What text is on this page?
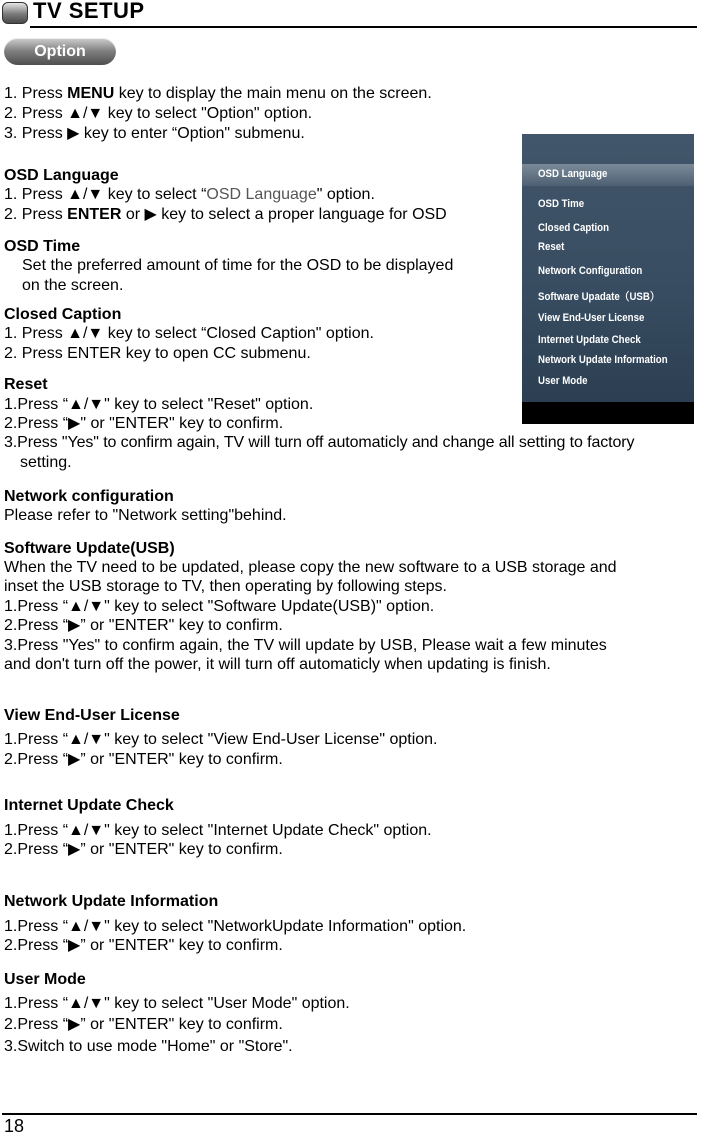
TV SETUP
Option
1. Press MENU key to display the main menu on the screen.
2. Press ▲/▼ key to select "Option" option.
3. Press ▶ key to enter “Option" submenu.
OSD Language
1. Press ▲/▼ key to select “OSD Language" option.
2. Press ENTER or ▶ key to select a proper language for OSD
OSD Time
Set the preferred amount of time for the OSD to be displayed
on the screen.
Closed Caption
1. Press ▲/▼ key to select “Closed Caption" option.
2. Press ENTER key to open CC submenu.
Reset
1.Press “▲/▼" key to select "Reset" option.
2.Press “▶" or "ENTER" key to confirm.
3.Press "Yes" to confirm again, TV will turn off automaticly and change all setting to factory
setting.
Network configuration
Please refer to "Network setting"behind.
Software Update(USB)
When the TV need to be updated, please copy the new software to a USB storage and
inset the USB storage to TV, then operating by following steps.
1.Press “▲/▼" key to select "Software Update(USB)" option.
2.Press “▶” or "ENTER" key to confirm.
3.Press "Yes" to confirm again, the TV will update by USB, Please wait a few minutes
and don't turn off the power, it will turn off automaticly when updating is finish.
View End-User License
1.Press “▲/▼" key to select "View End-User License" option.
2.Press “▶” or "ENTER" key to confirm.
Internet Update Check
1.Press “▲/▼" key to select "Internet Update Check" option.
2.Press “▶” or "ENTER" key to confirm.
Network Update Information
1.Press “▲/▼" key to select "NetworkUpdate Information" option.
2.Press “▶” or "ENTER" key to confirm.
User Mode
1.Press “▲/▼" key to select "User Mode" option.
2.Press “▶” or "ENTER" key to confirm.
3.Switch to use mode "Home" or "Store".
OSD Language
OSD Time
Closed Caption
Reset
Network Configuration
Software Upadate（USB）
View End-User License
Internet Update Check
Network Update Information
User Mode
18
